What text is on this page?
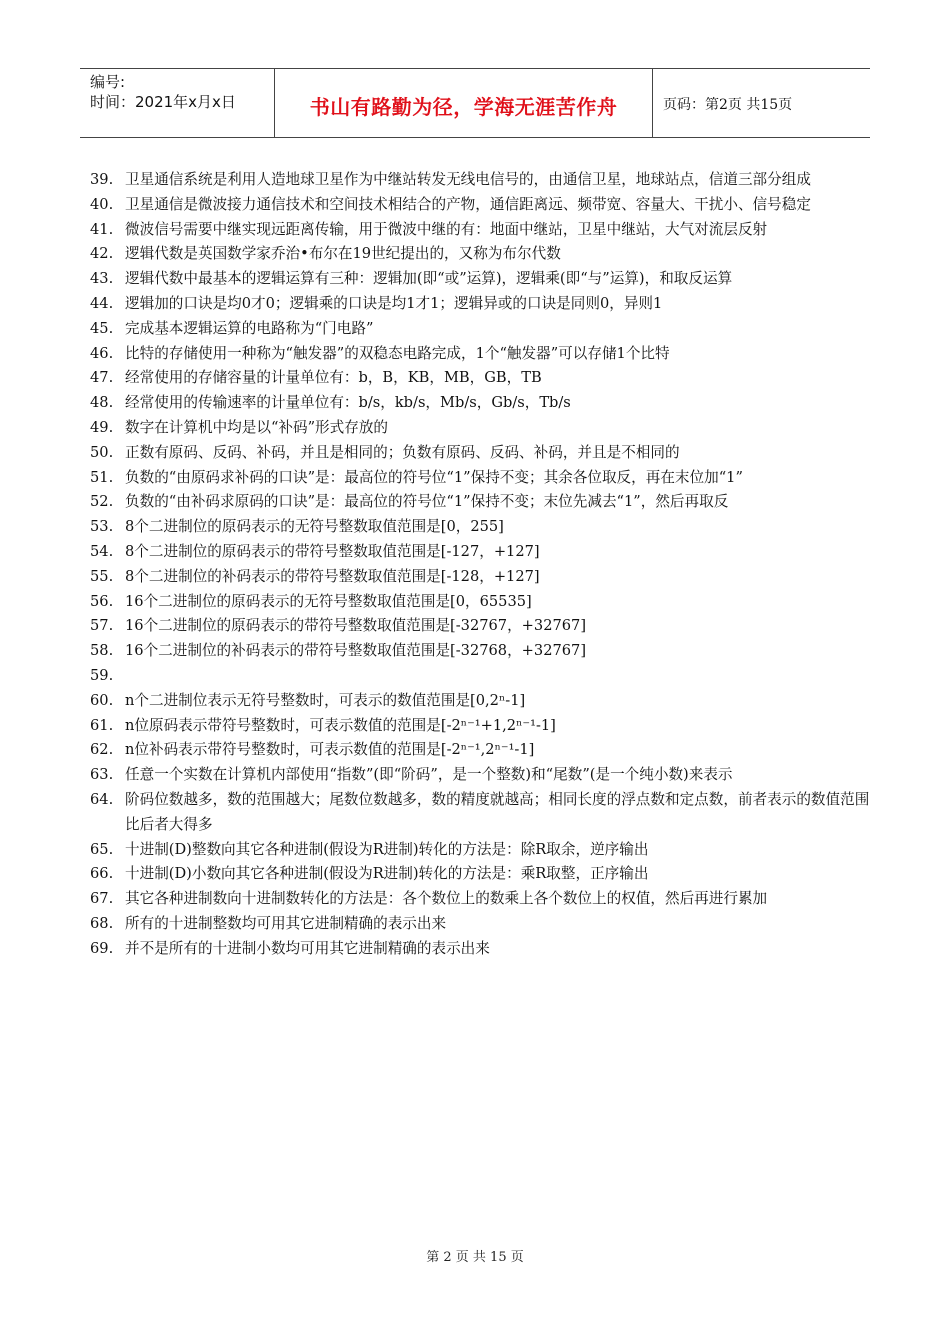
编号:
时间：2021年x月x日	书山有路勤为径，学海无涯苦作舟	页码：第2页 共15页
39. 卫星通信系统是利用人造地球卫星作为中继站转发无线电信号的，由通信卫星，地球站点，信道三部分组成
40. 卫星通信是微波接力通信技术和空间技术相结合的产物，通信距离远、频带宽、容量大、干扰小、信号稳定
41. 微波信号需要中继实现远距离传输，用于微波中继的有：地面中继站，卫星中继站，大气对流层反射
42. 逻辑代数是英国数学家乔治•布尔在19世纪提出的，又称为布尔代数
43. 逻辑代数中最基本的逻辑运算有三种：逻辑加(即“或”运算)，逻辑乘(即“与”运算)，和取反运算
44. 逻辑加的口诀是均0才0；逻辑乘的口诀是均1才1；逻辑异或的口诀是同则0，异则1
45. 完成基本逻辑运算的电路称为“门电路”
46. 比特的存储使用一种称为“触发器”的双稳态电路完成，1个“触发器”可以存储1个比特
47. 经常使用的存储容量的计量单位有：b，B，KB，MB，GB，TB
48. 经常使用的传输速率的计量单位有：b/s，kb/s，Mb/s，Gb/s，Tb/s
49. 数字在计算机中均是以“补码”形式存放的
50. 正数有原码、反码、补码，并且是相同的；负数有原码、反码、补码，并且是不相同的
51. 负数的“由原码求补码的口诀”是：最高位的符号位“1”保持不变；其余各位取反，再在末位加“1”
52. 负数的“由补码求原码的口诀”是：最高位的符号位“1”保持不变；末位先减去“1”，然后再取反
53. 8个二进制位的原码表示的无符号整数取值范围是[0，255]
54. 8个二进制位的原码表示的带符号整数取值范围是[-127，+127]
55. 8个二进制位的补码表示的带符号整数取值范围是[-128，+127]
56. 16个二进制位的原码表示的无符号整数取值范围是[0，65535]
57. 16个二进制位的原码表示的带符号整数取值范围是[-32767，+32767]
58. 16个二进制位的补码表示的带符号整数取值范围是[-32768，+32767]
59.

60. n个二进制位表示无符号整数时，可表示的数值范围是[0,2ⁿ-1]
61. n位原码表示带符号整数时，可表示数值的范围是[-2ⁿ⁻¹+1,2ⁿ⁻¹-1]
62. n位补码表示带符号整数时，可表示数值的范围是[-2ⁿ⁻¹,2ⁿ⁻¹-1]
63. 任意一个实数在计算机内部使用“指数”(即“阶码”，是一个整数)和“尾数”(是一个纯小数)来表示
64. 阶码位数越多，数的范围越大；尾数位数越多，数的精度就越高；相同长度的浮点数和定点数，前者表示的数值范围比后者大得多
65. 十进制(D)整数向其它各种进制(假设为R进制)转化的方法是：除R取余，逆序输出
66. 十进制(D)小数向其它各种进制(假设为R进制)转化的方法是：乘R取整，正序输出
67. 其它各种进制数向十进制数转化的方法是：各个数位上的数乘上各个数位上的权值，然后再进行累加
68. 所有的十进制整数均可用其它进制精确的表示出来
69. 并不是所有的十进制小数均可用其它进制精确的表示出来
第 2 页 共 15 页
